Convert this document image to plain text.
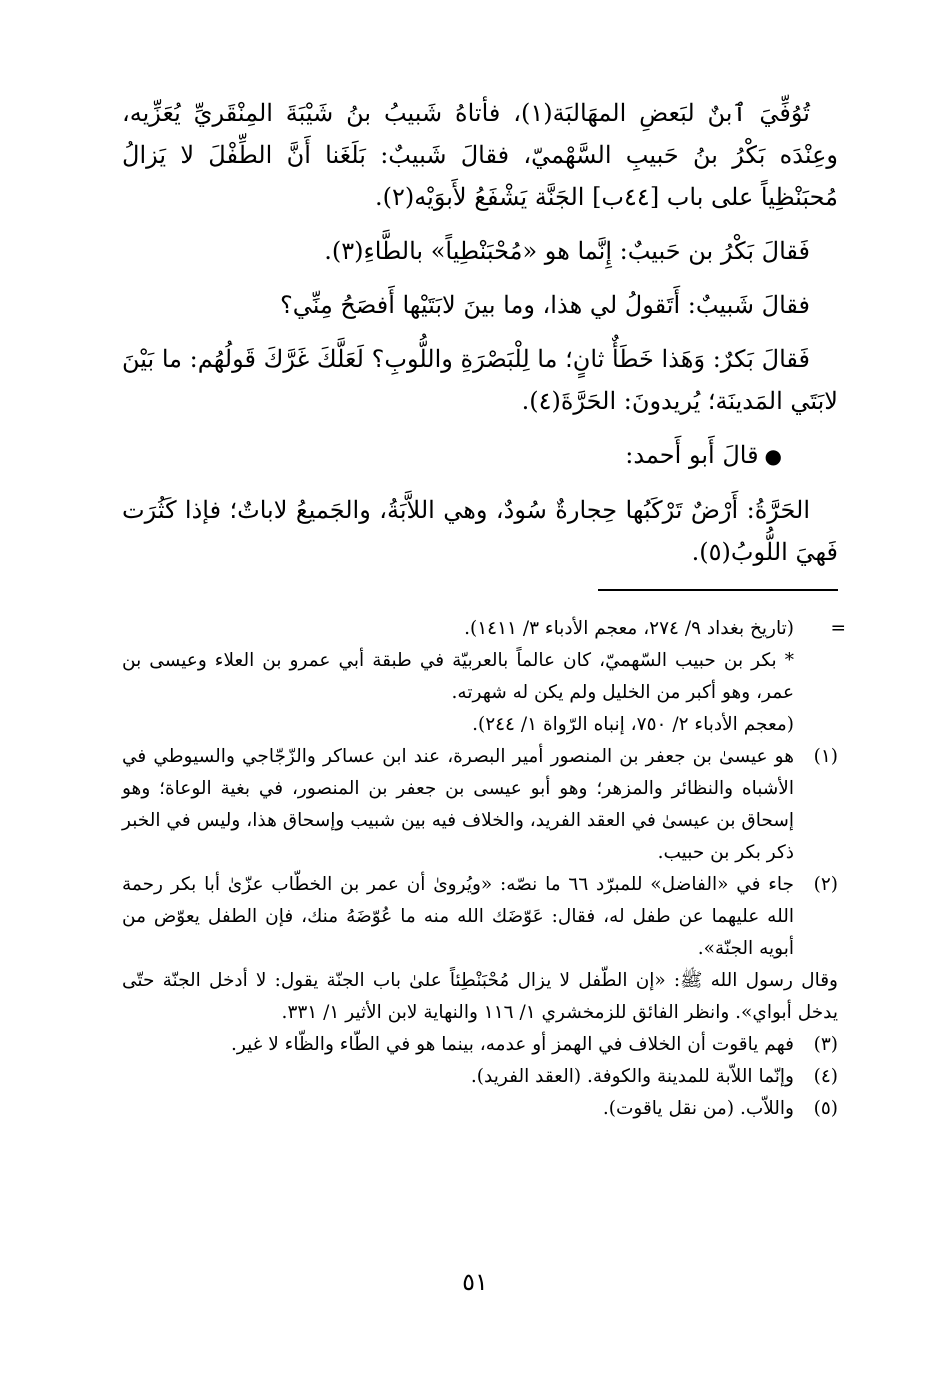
تُوُفِّيَ ٱبنٌ لبَعضِ المهَالبَة(١)، فأتاهُ شَبيبُ بنُ شَيْبَةَ المِنْقَريِّ يُعَزِّيه، وعِنْدَه بَكْرُ بنُ حَبيبِ السَّهْميّ، فقالَ شَبيبٌ: بَلَغَنا أَنَّ الطِّفْلَ لا يَزالُ مُحبَنْظِياً على باب [٤٤ب] الجَنَّة يَشْفَعُ لأَبوَيْه(٢).

فَقالَ بَكْرُ بن حَبيبٌ: إِنَّما هو «مُحْبَنْطِياً» بالطَّاءِ(٣).

فقالَ شَبيبٌ: أَتَقولُ لي هذا، وما بينَ لابَتَيْها أَفصَحُ مِنِّي؟

فَقالَ بَكرٌ: وَهَذا خَطَأٌ ثانٍ؛ ما لِلْبَصْرَةِ واللُّوبِ؟ لَعَلَّكَ غَرَّكَ قَولُهُم: ما بَيْنَ لابَتَي المَدينَة؛ يُريدونَ: الحَرَّةَ(٤).

●قالَ أَبو أَحمد:

الحَرَّةُ: أَرْضٌ تَرْكَبُها حِجارةٌ سُودٌ، وهي اللاَّبَةُ، والجَميعُ لاباتٌ؛ فإذا كَثُرَت فَهيَ اللُّوبُ(٥).

=

(تاريخ بغداد ٩/ ٢٧٤، معجم الأدباء ٣/ ١٤١١).

* بكر بن حبيب السّهميّ، كان عالماً بالعربيّة في طبقة أبي عمرو بن العلاء وعيسى بن عمر، وهو أكبر من الخليل ولم يكن له شهرته.

(معجم الأدباء ٢/ ٧٥٠، إنباه الرّواة ١/ ٢٤٤).

(١)
هو عيسىٰ بن جعفر بن المنصور أمير البصرة، عند ابن عساكر والزّجّاجي والسيوطي في الأشباه والنظائر والمزهر؛ وهو أبو عيسى بن جعفر بن المنصور، في بغية الوعاة؛ وهو إسحاق بن عيسىٰ في العقد الفريد، والخلاف فيه بين شبيب وإسحاق هذا، وليس في الخبر ذكر بكر بن حبيب.
(٢)
جاء في «الفاضل» للمبرّد ٦٦ ما نصّه: «ويُروىٰ أن عمر بن الخطّاب عزّىٰ أبا بكر رحمة الله عليهما عن طفل له، فقال: عَوّضَك الله منه ما عُوّضَهُ منك، فإن الطفل يعوّض من أبويه الجنّة».

وقال رسول الله ﷺ: «إن الطّفل لا يزال مُحْبَنْطِئاً علىٰ باب الجنّة يقول: لا أدخل الجنّة حتّى يدخل أبواي». وانظر الفائق للزمخشري ١/ ١١٦ والنهاية لابن الأثير ١/ ٣٣١.

(٣)
فهم ياقوت أن الخلاف في الهمز أو عدمه، بينما هو في الطّاء والظّاء لا غير.
(٤)
وإنّما اللاّبة للمدينة والكوفة. (العقد الفريد).
(٥)
واللاّب. (من نقل ياقوت).
٥١
